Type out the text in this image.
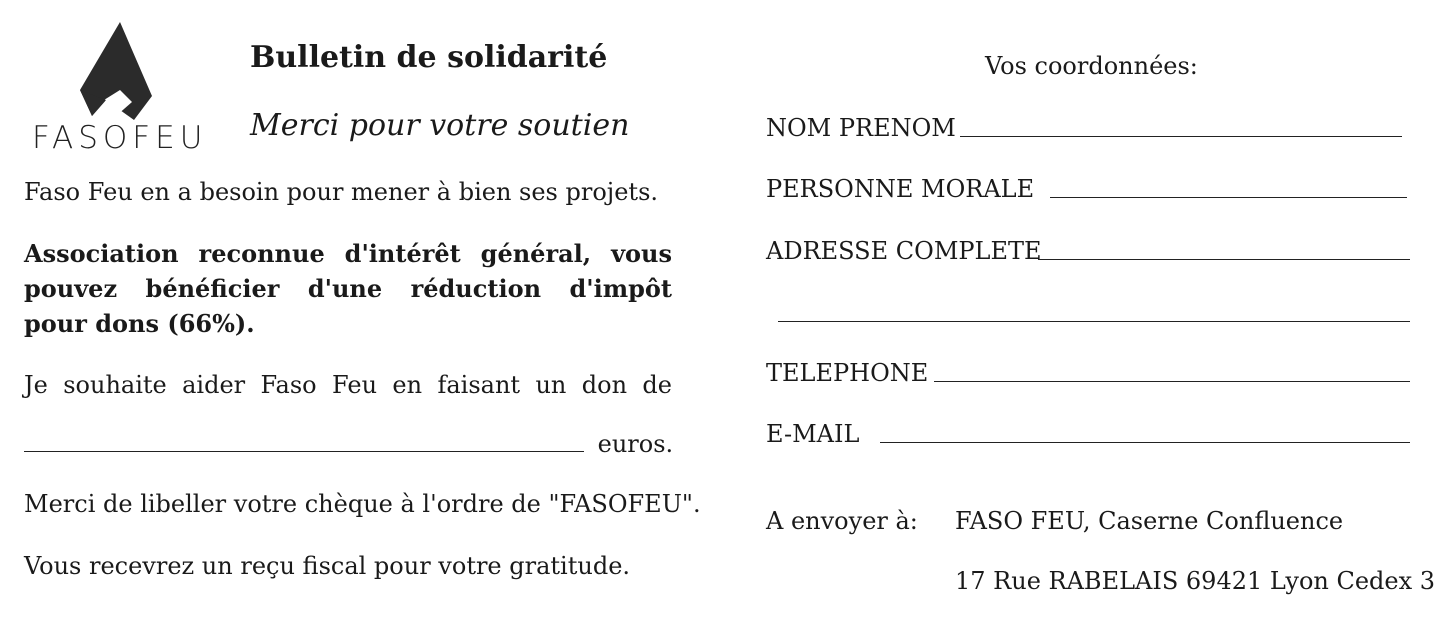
FASOFEU
Bulletin de solidarité
Merci pour votre soutien
Faso Feu en a besoin pour mener à bien ses projets.
Association reconnue d'intérêt général, vous
pouvez bénéficier d'une réduction d'impôt
pour dons (66%).
Je souhaite aider Faso Feu en faisant un don de
euros.
Merci de libeller votre chèque à l'ordre de "FASOFEU".
Vous recevrez un reçu fiscal pour votre gratitude.
Vos coordonnées:
NOM PRENOM
PERSONNE MORALE
ADRESSE COMPLETE
TELEPHONE
E-MAIL
A envoyer à: FASO FEU, Caserne Confluence
17 Rue RABELAIS 69421 Lyon Cedex 3
